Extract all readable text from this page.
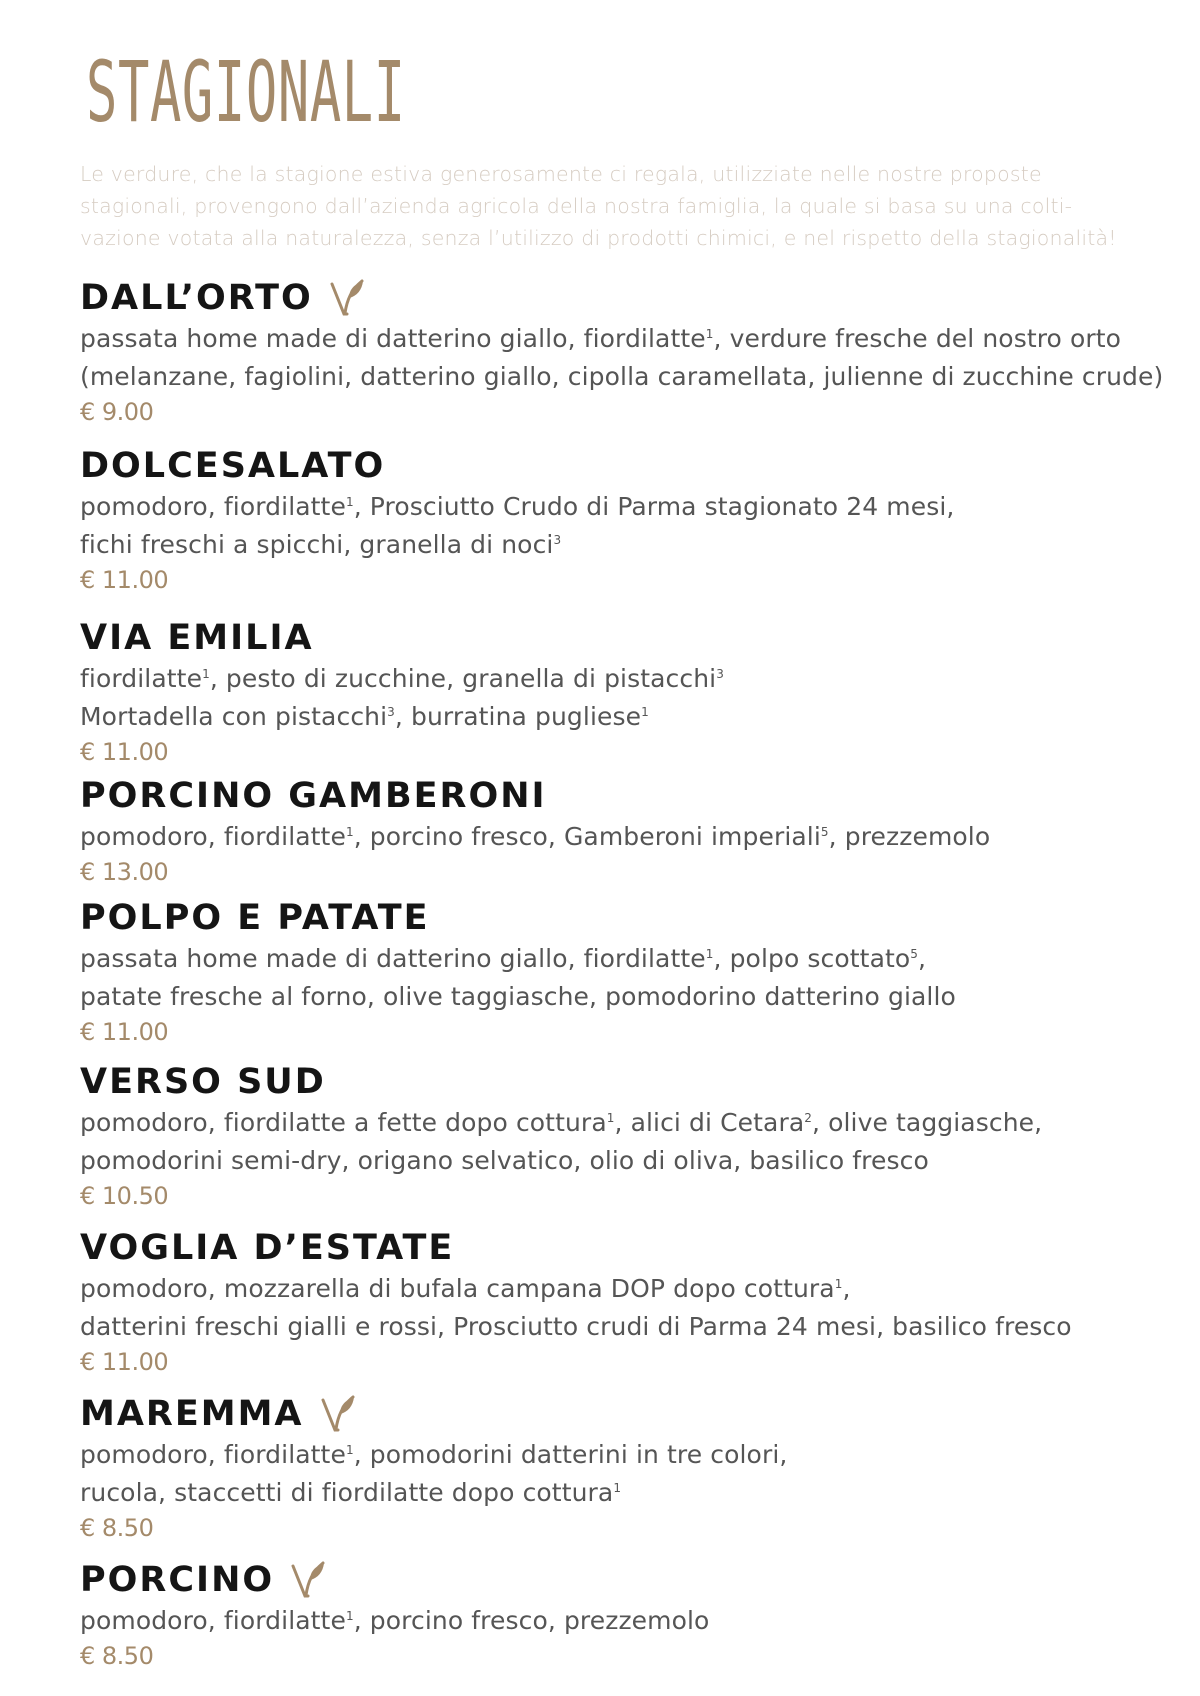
STAGIONALI
Le verdure, che la stagione estiva generosamente ci regala, utilizziate nelle nostre proposte
stagionali, provengono dall’azienda agricola della nostra famiglia, la quale si basa su una colti-
vazione votata alla naturalezza, senza l’utilizzo di prodotti chimici, e nel rispetto della stagionalità!
DALL’ORTO
passata home made di datterino giallo, fiordilatte$^1$, verdure fresche del nostro orto
(melanzane, fagiolini, datterino giallo, cipolla caramellata, julienne di zucchine crude)
€ 9.00
DOLCESALATO
pomodoro, fiordilatte$^1$, Prosciutto Crudo di Parma stagionato 24 mesi,
fichi freschi a spicchi, granella di noci$^3$
€ 11.00
VIA EMILIA
fiordilatte$^1$, pesto di zucchine, granella di pistacchi$^3$
Mortadella con pistacchi$^3$, burratina pugliese$^1$
€ 11.00
PORCINO GAMBERONI
pomodoro, fiordilatte$^1$, porcino fresco, Gamberoni imperiali$^5$, prezzemolo
€ 13.00
POLPO E PATATE
passata home made di datterino giallo, fiordilatte$^1$, polpo scottato$^5$,
patate fresche al forno, olive taggiasche, pomodorino datterino giallo
€ 11.00
VERSO SUD
pomodoro, fiordilatte a fette dopo cottura$^1$, alici di Cetara$^2$, olive taggiasche,
pomodorini semi-dry, origano selvatico, olio di oliva, basilico fresco
€ 10.50
VOGLIA D’ESTATE
pomodoro, mozzarella di bufala campana DOP dopo cottura$^1$,
datterini freschi gialli e rossi, Prosciutto crudi di Parma 24 mesi, basilico fresco
€ 11.00
MAREMMA
pomodoro, fiordilatte$^1$, pomodorini datterini in tre colori,
rucola, staccetti di fiordilatte dopo cottura$^1$
€ 8.50
PORCINO
pomodoro, fiordilatte$^1$, porcino fresco, prezzemolo
€ 8.50
